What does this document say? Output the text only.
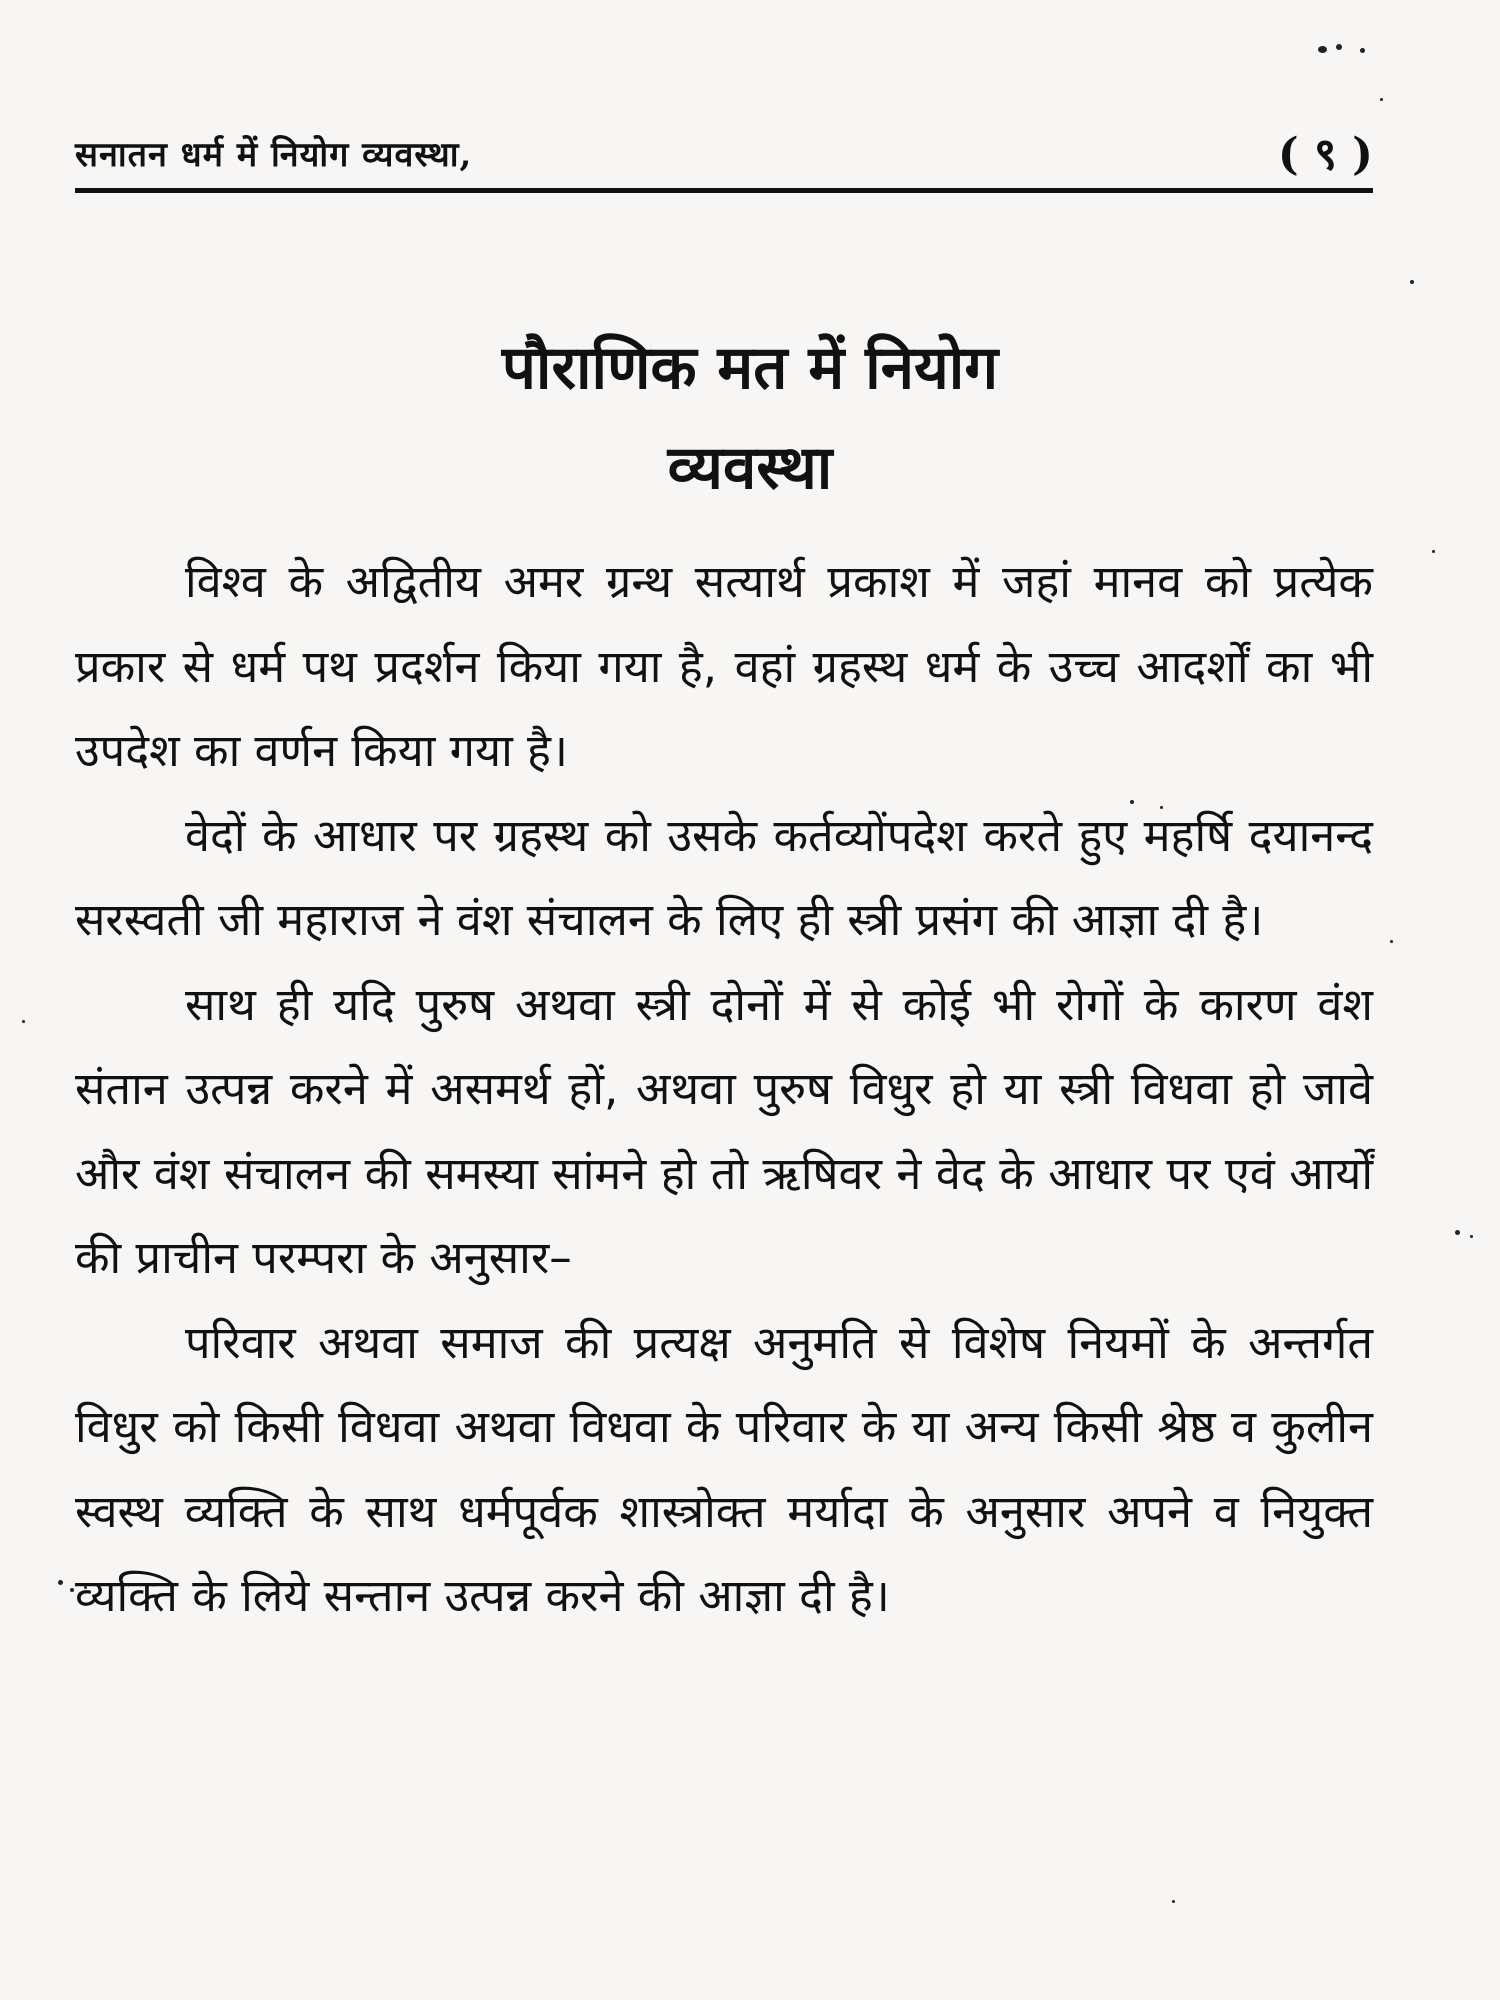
सनातन धर्म में नियोग व्यवस्था,	( ९ )
पौराणिक मत में नियोग
व्यवस्था

विश्व के अद्वितीय अमर ग्रन्थ सत्यार्थ प्रकाश में जहां मानव को प्रत्येक प्रकार से धर्म पथ प्रदर्शन किया गया है, वहां ग्रहस्थ धर्म के उच्च आदर्शों का भी उपदेश का वर्णन किया गया है।

वेदों के आधार पर ग्रहस्थ को उसके कर्तव्योंपदेश करते हुए महर्षि दयानन्द सरस्वती जी महाराज ने वंश संचालन के लिए ही स्त्री प्रसंग की आज्ञा दी है।

साथ ही यदि पुरुष अथवा स्त्री दोनों में से कोई भी रोगों के कारण वंश संतान उत्पन्न करने में असमर्थ हों, अथवा पुरुष विधुर हो या स्त्री विधवा हो जावे और वंश संचालन की समस्या सांमने हो तो ऋषिवर ने वेद के आधार पर एवं आर्यों की प्राचीन परम्परा के अनुसार–

परिवार अथवा समाज की प्रत्यक्ष अनुमति से विशेष नियमों के अन्तर्गत विधुर को किसी विधवा अथवा विधवा के परिवार के या अन्य किसी श्रेष्ठ व कुलीन स्वस्थ व्यक्ति के साथ धर्मपूर्वक शास्त्रोक्त मर्यादा के अनुसार अपने व नियुक्त व्यक्ति के लिये सन्तान उत्पन्न करने की आज्ञा दी है।
